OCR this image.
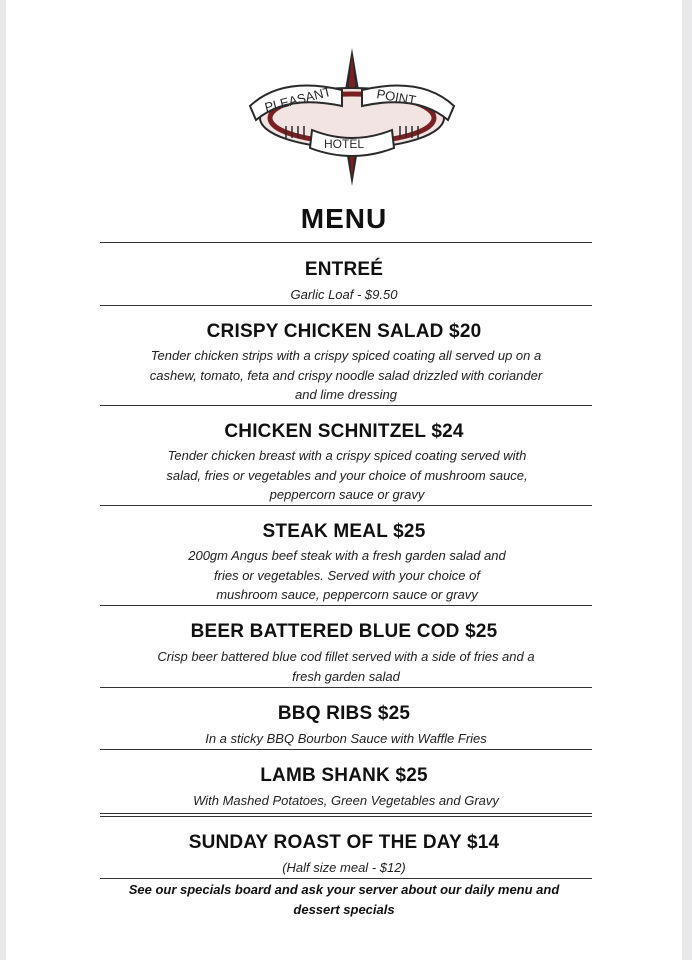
PLEASANT	POINT
HOTEL
MENU
ENTREÉ
Garlic Loaf - $9.50
CRISPY CHICKEN SALAD $20
Tender chicken strips with a crispy spiced coating all served up on a cashew, tomato, feta and crispy noodle salad drizzled with coriander and lime dressing
CHICKEN SCHNITZEL $24
Tender chicken breast with a crispy spiced coating served with salad, fries or vegetables and your choice of mushroom sauce, peppercorn sauce or gravy
STEAK MEAL $25
200gm Angus beef steak with a fresh garden salad and fries or vegetables. Served with your choice of mushroom sauce, peppercorn sauce or gravy
BEER BATTERED BLUE COD $25
Crisp beer battered blue cod fillet served with a side of fries and a fresh garden salad
BBQ RIBS $25
In a sticky BBQ Bourbon Sauce with Waffle Fries
LAMB SHANK $25
With Mashed Potatoes, Green Vegetables and Gravy
SUNDAY ROAST OF THE DAY $14
(Half size meal - $12)
See our specials board and ask your server about our daily menu and dessert specials
